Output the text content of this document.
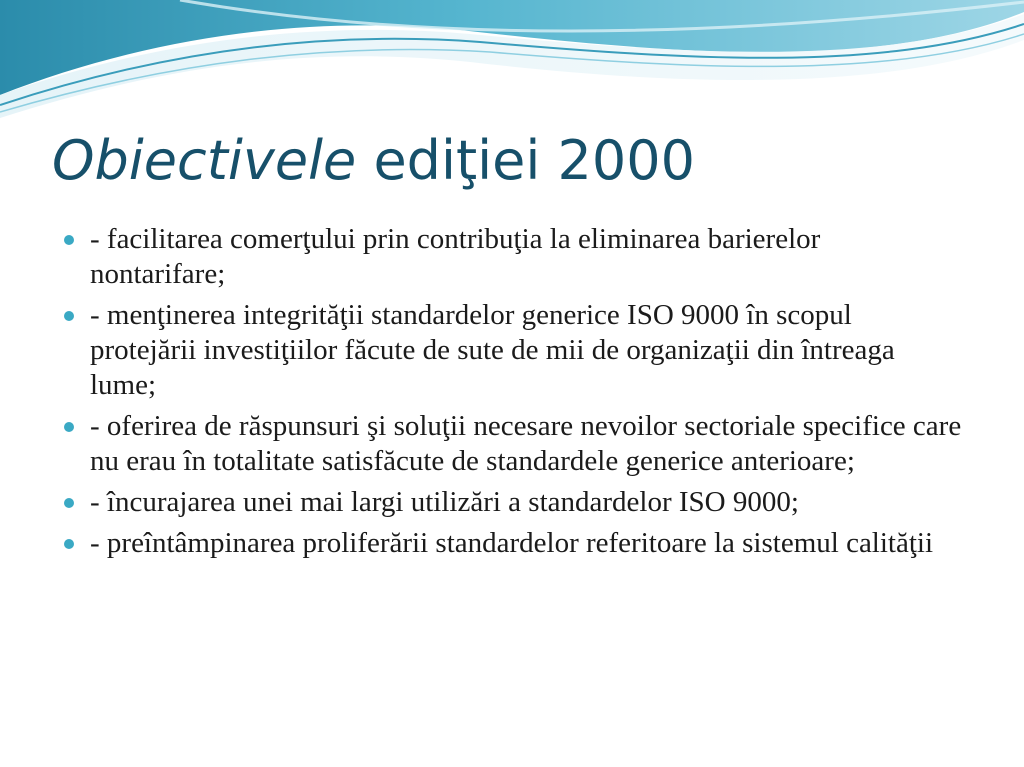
Obiectivele ediţiei 2000
- facilitarea comerţului prin contribuţia la eliminarea barierelor nontarifare;
- menţinerea integrităţii standardelor generice ISO 9000 în scopul protejării investiţiilor făcute de sute de mii de organizaţii din întreaga lume;
- oferirea de răspunsuri şi soluţii necesare nevoilor sectoriale specifice care nu erau în totalitate satisfăcute de standardele generice anterioare;
- încurajarea unei mai largi utilizări a standardelor ISO 9000;
- preîntâmpinarea proliferării standardelor referitoare la sistemul calităţii
